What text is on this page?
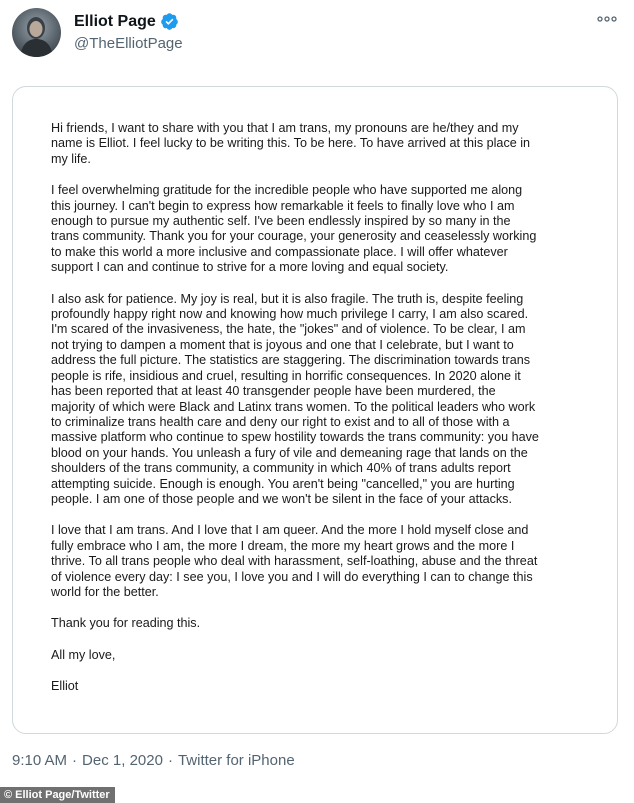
Elliot Page
@TheElliotPage

Hi friends, I want to share with you that I am trans, my pronouns are he/they and my
name is Elliot. I feel lucky to be writing this. To be here. To have arrived at this place in
my life.

I feel overwhelming gratitude for the incredible people who have supported me along
this journey. I can't begin to express how remarkable it feels to finally love who I am
enough to pursue my authentic self. I've been endlessly inspired by so many in the
trans community. Thank you for your courage, your generosity and ceaselessly working
to make this world a more inclusive and compassionate place. I will offer whatever
support I can and continue to strive for a more loving and equal society.

I also ask for patience. My joy is real, but it is also fragile. The truth is, despite feeling
profoundly happy right now and knowing how much privilege I carry, I am also scared.
I'm scared of the invasiveness, the hate, the "jokes" and of violence. To be clear, I am
not trying to dampen a moment that is joyous and one that I celebrate, but I want to
address the full picture. The statistics are staggering. The discrimination towards trans
people is rife, insidious and cruel, resulting in horrific consequences. In 2020 alone it
has been reported that at least 40 transgender people have been murdered, the
majority of which were Black and Latinx trans women. To the political leaders who work
to criminalize trans health care and deny our right to exist and to all of those with a
massive platform who continue to spew hostility towards the trans community: you have
blood on your hands. You unleash a fury of vile and demeaning rage that lands on the
shoulders of the trans community, a community in which 40% of trans adults report
attempting suicide. Enough is enough. You aren't being "cancelled," you are hurting
people. I am one of those people and we won't be silent in the face of your attacks.

I love that I am trans. And I love that I am queer. And the more I hold myself close and
fully embrace who I am, the more I dream, the more my heart grows and the more I
thrive. To all trans people who deal with harassment, self-loathing, abuse and the threat
of violence every day: I see you, I love you and I will do everything I can to change this
world for the better.

Thank you for reading this.

All my love,

Elliot

9:10 AM · Dec 1, 2020 · Twitter for iPhone
© Elliot Page/Twitter
